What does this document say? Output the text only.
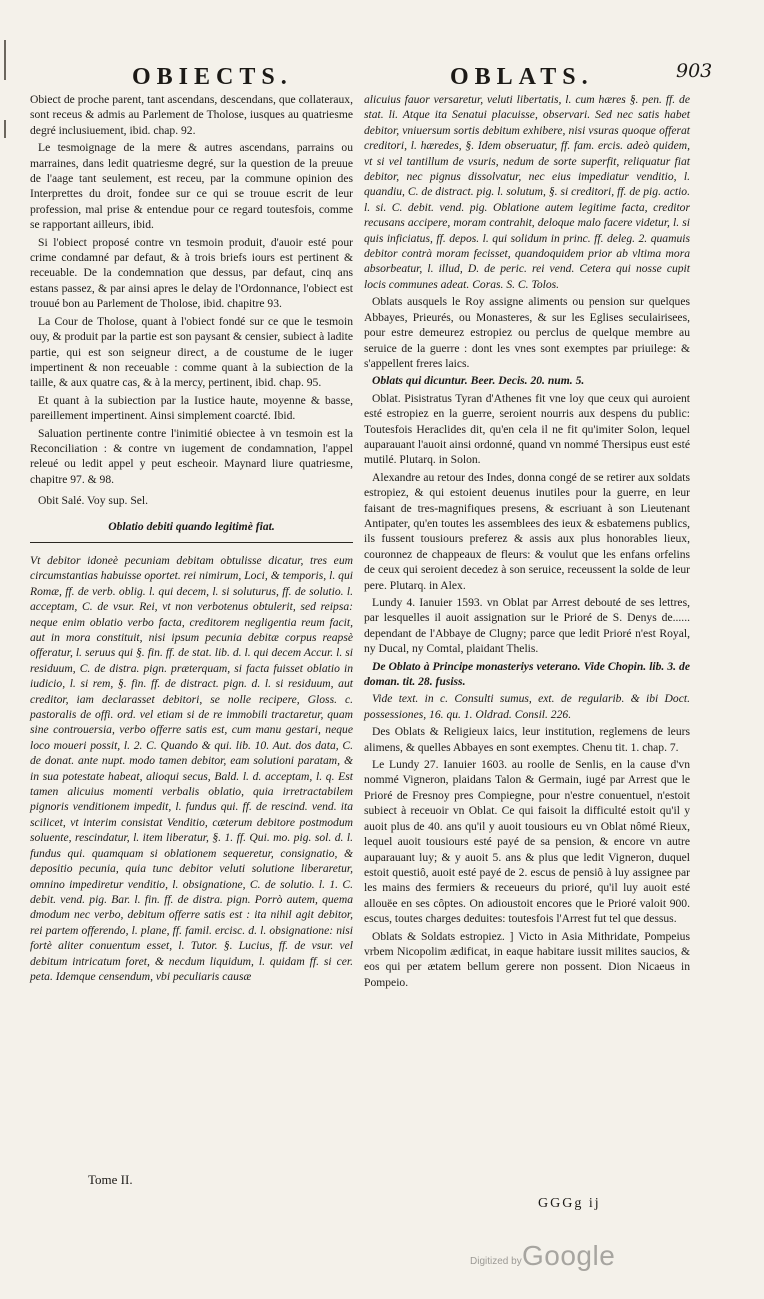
OBIECTS.	OBLATS.	903

Obiect de proche parent, tant ascendans, descendans, que collateraux, sont receus & admis au Parlement de Tholose, iusques au quatriesme degré inclusiuement, ibid. chap. 92.

Le tesmoignage de la mere & autres ascendans, parrains ou marraines, dans ledit quatriesme degré, sur la question de la preuue de l'aage tant seulement, est receu, par la commune opinion des Interprettes du droit, fondee sur ce qui se trouue escrit de leur profession, mal prise & entendue pour ce regard toutesfois, comme se rapportant ailleurs, ibid.

Si l'obiect proposé contre vn tesmoin produit, d'auoir esté pour crime condamné par defaut, & à trois briefs iours est pertinent & receuable. De la condemnation que dessus, par defaut, cinq ans estans passez, & par ainsi apres le delay de l'Ordonnance, l'obiect est trouué bon au Parlement de Tholose, ibid. chapitre 93.

La Cour de Tholose, quant à l'obiect fondé sur ce que le tesmoin ouy, & produit par la partie est son paysant & censier, subiect à ladite partie, qui est son seigneur direct, a de coustume de le iuger impertinent & non receuable : comme quant à la subiection de la taille, & aux quatre cas, & à la mercy, pertinent, ibid. chap. 95.

Et quant à la subiection par la Iustice haute, moyenne & basse, pareillement impertinent. Ainsi simplement coarcté. Ibid.

Saluation pertinente contre l'inimitié obiectee à vn tesmoin est la Reconciliation : & contre vn iugement de condamnation, l'appel releué ou ledit appel y peut escheoir. Maynard liure quatriesme, chapitre 97. & 98.

Obit Salé. Voy sup. Sel.

Oblatio debiti quando legitimè fiat.

Vt debitor idoneè pecuniam debitam obtulisse dicatur, tres eum circumstantias habuisse oportet. rei nimirum, Loci, & temporis, l. qui Romæ, ff. de verb. oblig. l. qui decem, l. si soluturus, ff. de solutio. l. acceptam, C. de vsur. Rei, vt non verbotenus obtulerit, sed reipsa: neque enim oblatio verbo facta, creditorem negligentia reum facit, aut in mora constituit, nisi ipsum pecunia debitæ corpus reapsè offeratur, l. seruus qui §. fin. ff. de stat. lib. d. l. qui decem Accur. l. si residuum, C. de distra. pign. præterquam, si facta fuisset oblatio in iudicio, l. si rem, §. fin. ff. de distract. pign. d. l. si residuum, aut creditor, iam declarasset debitori, se nolle recipere, Gloss. c. pastoralis de offi. ord. vel etiam si de re immobili tractaretur, quam sine controuersia, verbo offerre satis est, cum manu gestari, neque loco moueri possit, l. 2. C. Quando & qui. lib. 10. Aut. dos data, C. de donat. ante nupt. modo tamen debitor, eam solutioni paratam, & in sua potestate habeat, alioqui secus, Bald. l. d. acceptam, l. q. Est tamen alicuius momenti verbalis oblatio, quia irretractabilem pignoris venditionem impedit, l. fundus qui. ff. de rescind. vend. ita scilicet, vt interim consistat Venditio, cæterum debitore postmodum soluente, rescindatur, l. item liberatur, §. 1. ff. Qui. mo. pig. sol. d. l. fundus qui. quamquam si oblationem sequeretur, consignatio, & depositio pecunia, quia tunc debitor veluti solutione liberaretur, omnino impediretur venditio, l. obsignatione, C. de solutio. l. 1. C. debit. vend. pig. Bar. l. fin. ff. de distra. pign. Porrò autem, quema dmodum nec verbo, debitum offerre satis est : ita nihil agit debitor, rei partem offerendo, l. plane, ff. famil. ercisc. d. l. obsignatione: nisi fortè aliter conuentum esset, l. Tutor. §. Lucius, ff. de vsur. vel debitum intricatum foret, & necdum liquidum, l. quidam ff. si cer. peta. Idemque censendum, vbi peculiaris causæ

alicuius fauor versaretur, veluti libertatis, l. cum hæres §. pen. ff. de stat. li. Atque ita Senatui placuisse, observari. Sed nec satis habet debitor, vniuersum sortis debitum exhibere, nisi vsuras quoque offerat creditori, l. hæredes, §. Idem obseruatur, ff. fam. ercis. adeò quidem, vt si vel tantillum de vsuris, nedum de sorte superfit, reliquatur fiat debitor, nec pignus dissolvatur, nec eius impediatur venditio, l. quandiu, C. de distract. pig. l. solutum, §. si creditori, ff. de pig. actio. l. si. C. debit. vend. pig. Oblatione autem legitime facta, creditor recusans accipere, moram contrahit, deloque malo facere videtur, l. si quis inficiatus, ff. depos. l. qui solidum in princ. ff. deleg. 2. quamuis debitor contrà moram fecisset, quandoquidem prior ab vltima mora absorbeatur, l. illud, D. de peric. rei vend. Cetera qui nosse cupit locis communes adeat. Coras. S. C. Tolos.

Oblats ausquels le Roy assigne aliments ou pension sur quelques Abbayes, Prieurés, ou Monasteres, & sur les Eglises seculairisees, pour estre demeurez estropiez ou perclus de quelque membre au seruice de la guerre : dont les vnes sont exemptes par priuilege: & s'appellent freres laics.

Oblats qui dicuntur. Beer. Decis. 20. num. 5.

Oblat. Pisistratus Tyran d'Athenes fit vne loy que ceux qui auroient esté estropiez en la guerre, seroient nourris aux despens du public: Toutesfois Heraclides dit, qu'en cela il ne fit qu'imiter Solon, lequel auparauant l'auoit ainsi ordonné, quand vn nommé Thersipus eust esté mutilé. Plutarq. in Solon.

Alexandre au retour des Indes, donna congé de se retirer aux soldats estropiez, & qui estoient deuenus inutiles pour la guerre, en leur faisant de tres-magnifiques presens, & escriuant à son Lieutenant Antipater, qu'en toutes les assemblees des ieux & esbatemens publics, ils fussent tousiours preferez & assis aux plus honorables lieux, couronnez de chappeaux de fleurs: & voulut que les enfans orfelins de ceux qui seroient decedez à son seruice, receussent la solde de leur pere. Plutarq. in Alex.

Lundy 4. Ianuier 1593. vn Oblat par Arrest debouté de ses lettres, par lesquelles il auoit assignation sur le Prioré de S. Denys de...... dependant de l'Abbaye de Clugny; parce que ledit Prioré n'est Royal, ny Ducal, ny Comtal, plaidant Thelis.

De Oblato à Principe monasteriys veterano. Vide Chopin. lib. 3. de doman. tit. 28. fusiss.

Vide text. in c. Consulti sumus, ext. de regularib. & ibi Doct. possessiones, 16. qu. 1. Oldrad. Consil. 226.

Des Oblats & Religieux laics, leur institution, reglemens de leurs alimens, & quelles Abbayes en sont exemptes. Chenu tit. 1. chap. 7.

Le Lundy 27. Ianuier 1603. au roolle de Senlis, en la cause d'vn nommé Vigneron, plaidans Talon & Germain, iugé par Arrest que le Prioré de Fresnoy pres Compiegne, pour n'estre conuentuel, n'estoit subiect à receuoir vn Oblat. Ce qui faisoit la difficulté estoit qu'il y auoit plus de 40. ans qu'il y auoit tousiours eu vn Oblat nômé Rieux, lequel auoit tousiours esté payé de sa pension, & encore vn autre auparauant luy; & y auoit 5. ans & plus que ledit Vigneron, duquel estoit questiô, auoit esté payé de 2. escus de pensiô à luy assignee par les mains des fermiers & receueurs du prioré, qu'il luy auoit esté allouëe en ses côptes. On adioustoit encores que le Prioré valoit 900. escus, toutes charges deduites: toutesfois l'Arrest fut tel que dessus.

Oblats & Soldats estropiez. ] Victo in Asia Mithridate, Pompeius vrbem Nicopolim ædificat, in eaque habitare iussit milites saucios, & eos qui per ætatem bellum gerere non possent. Dion Nicaeus in Pompeio.

Tome II.
GGGg ij
Digitized by Google
